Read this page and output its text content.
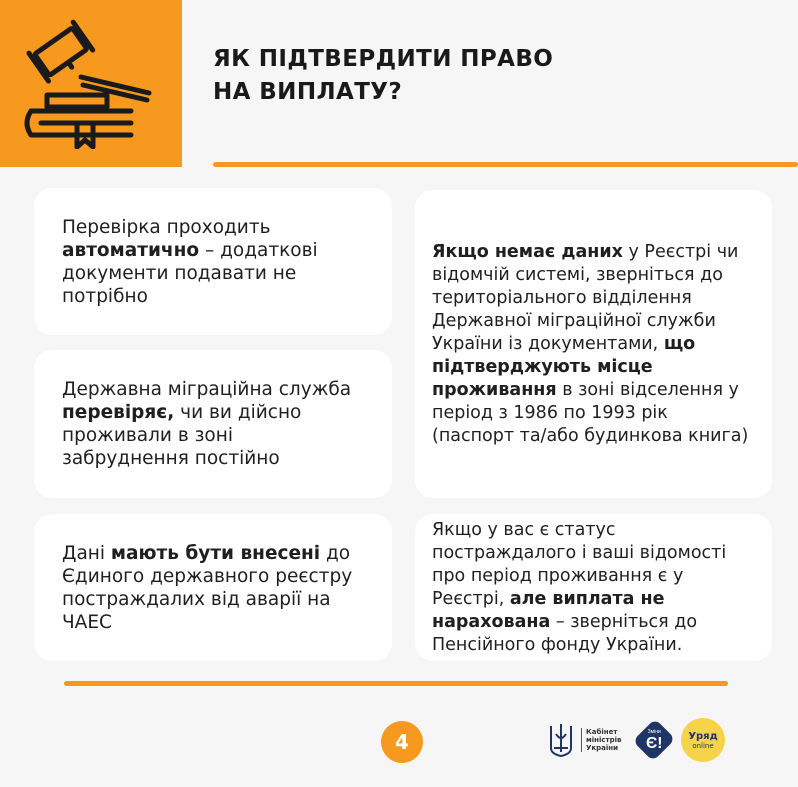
ЯК ПІДТВЕРДИТИ ПРАВО
НА ВИПЛАТУ?
Перевірка проходить автоматично – додаткові документи подавати не потрібно
Державна міграційна служба перевіряє, чи ви дійсно проживали в зоні забруднення постійно
Дані мають бути внесені до Єдиного державного реєстру постраждалих від аварії на ЧАЕС
Якщо немає даних у Реєстрі чи відомчій системі, зверніться до територіального відділення Державної міграційної служби України із документами, що підтверджують місце проживання в зоні відселення у період з 1986 по 1993 рік (паспорт та/або будинкова книга)
Якщо у вас є статус постраждалого і ваші відомості про період проживання є у Реєстрі, але виплата не нарахована – зверніться до Пенсійного фонду України.
4	Кабінет
міністрів
України
Зміни
Є!	Уряд
online
